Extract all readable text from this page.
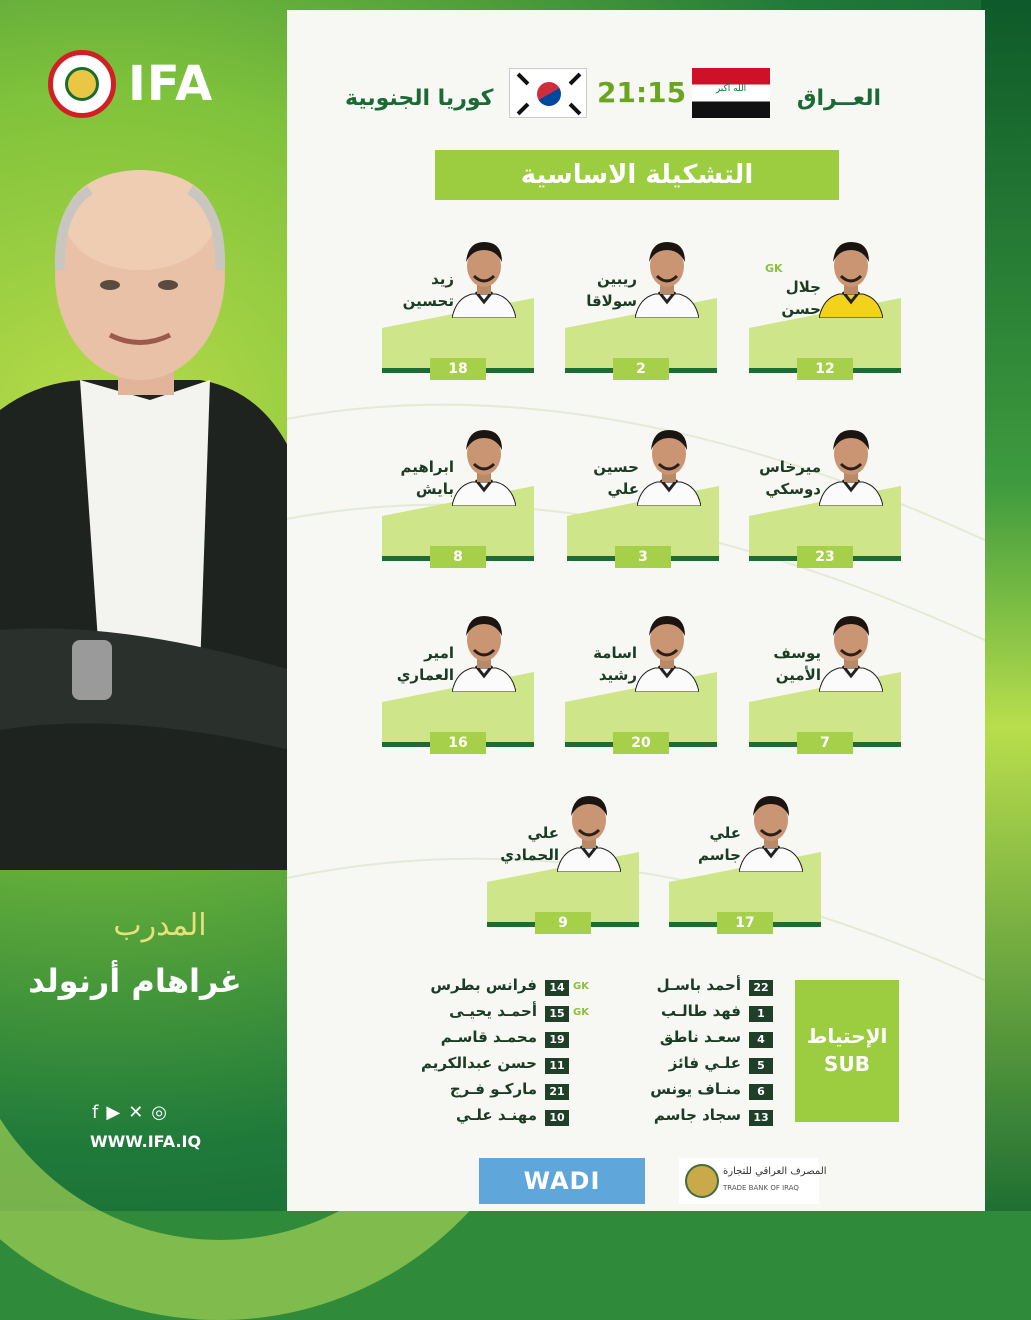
IFA
المدرب
غراهام أرنولد
f ▶ ✕ ◎
WWW.IFA.IQ
العــراق
الله أكبر
21:15
كوريا الجنوبية
التشكيلة الاساسية
12
GK
جلال
حسن
2
ريبين
سولاقا
18
زيد
تحسين
23
ميرخاس
دوسكي
3
حسين
علي
8
ابراهيم
بايش
7
يوسف
الأمين
20
اسامة
رشيد
16
امير
العماري
17
علي
جاسم
9
علي
الحمادي
الإحتياط
SUB
22
أحمد باسـل
GK
1
فهد طالـب
GK
4
سعـد ناطق
5
علـي فائز
6
منـاف يونس
13
سجاد جاسم
14
فرانس بطرس
15
أحمـد يحيـى
19
محمـد قاسـم
11
حسن عبدالكريم
21
ماركـو فـرج
10
مهنـد علـي
WADI	المصرف العراقي للتجارة
TRADE BANK OF IRAQ
